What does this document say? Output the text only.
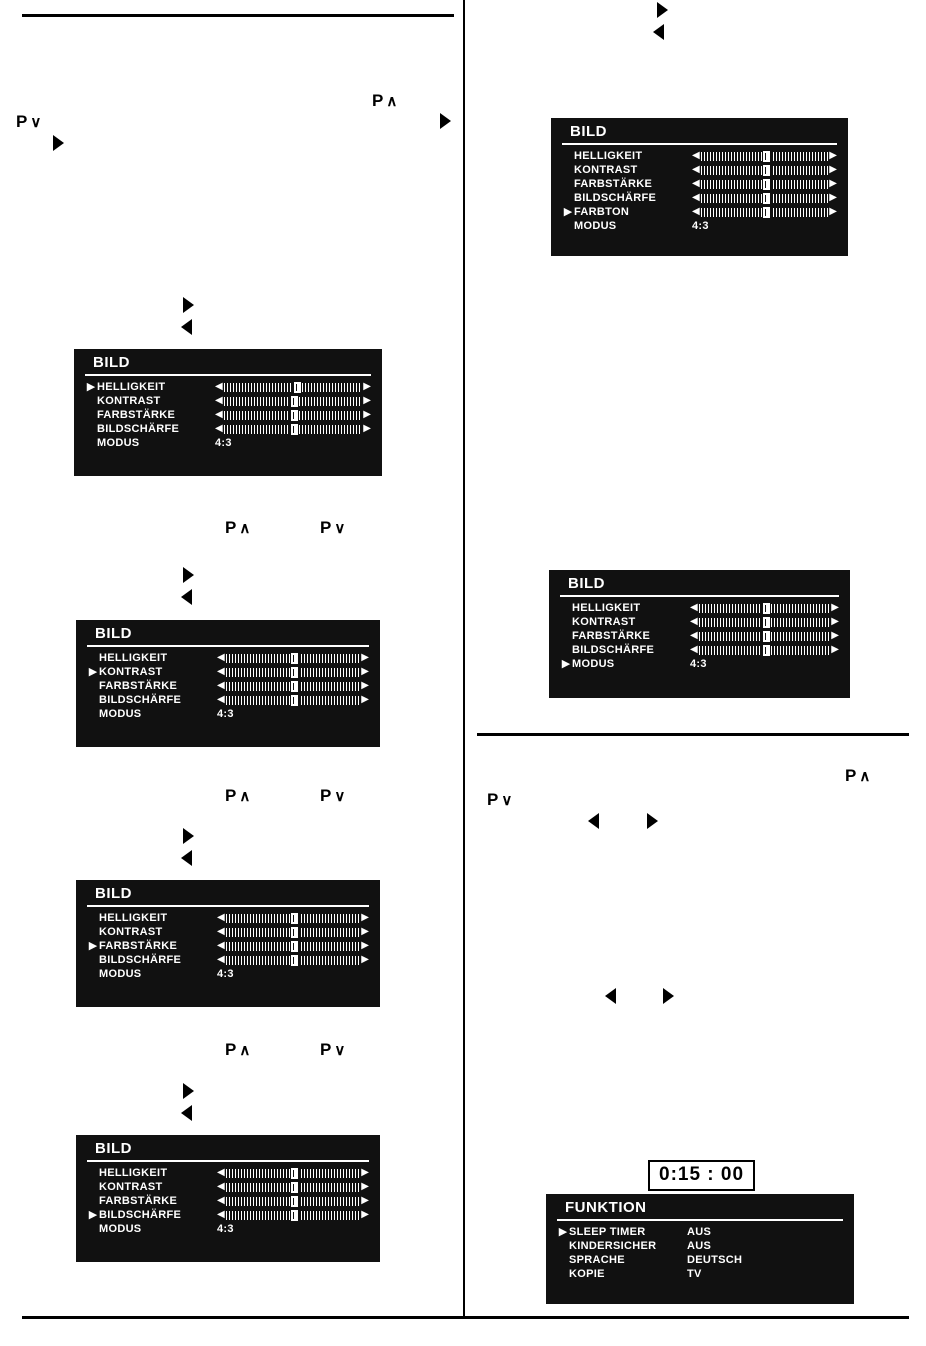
P ∧
P ∨
P ∧	P ∨
P ∧	P ∨
P ∧	P ∨
P ∧
P ∨
BILD
▶ HELLIGKEIT	◀	▶
KONTRAST	◀	▶
FARBSTÄRKE	◀	▶
BILDSCHÄRFE	◀	▶
MODUS	4:3
BILD
HELLIGKEIT	◀	▶
▶ KONTRAST	◀	▶
FARBSTÄRKE	◀	▶
BILDSCHÄRFE	◀	▶
MODUS	4:3
BILD
HELLIGKEIT	◀	▶
KONTRAST	◀	▶
▶ FARBSTÄRKE	◀	▶
BILDSCHÄRFE	◀	▶
MODUS	4:3
BILD
HELLIGKEIT	◀	▶
KONTRAST	◀	▶
FARBSTÄRKE	◀	▶
▶ BILDSCHÄRFE	◀	▶
MODUS	4:3
BILD
HELLIGKEIT	◀	▶
KONTRAST	◀	▶
FARBSTÄRKE	◀	▶
BILDSCHÄRFE	◀	▶
▶ FARBTON	◀	▶
MODUS	4:3
BILD
HELLIGKEIT	◀	▶
KONTRAST	◀	▶
FARBSTÄRKE	◀	▶
BILDSCHÄRFE	◀	▶
▶ MODUS	4:3
FUNKTION
▶ SLEEP TIMER	AUS
KINDERSICHER	AUS
SPRACHE	DEUTSCH
KOPIE	TV
0:15 : 00
